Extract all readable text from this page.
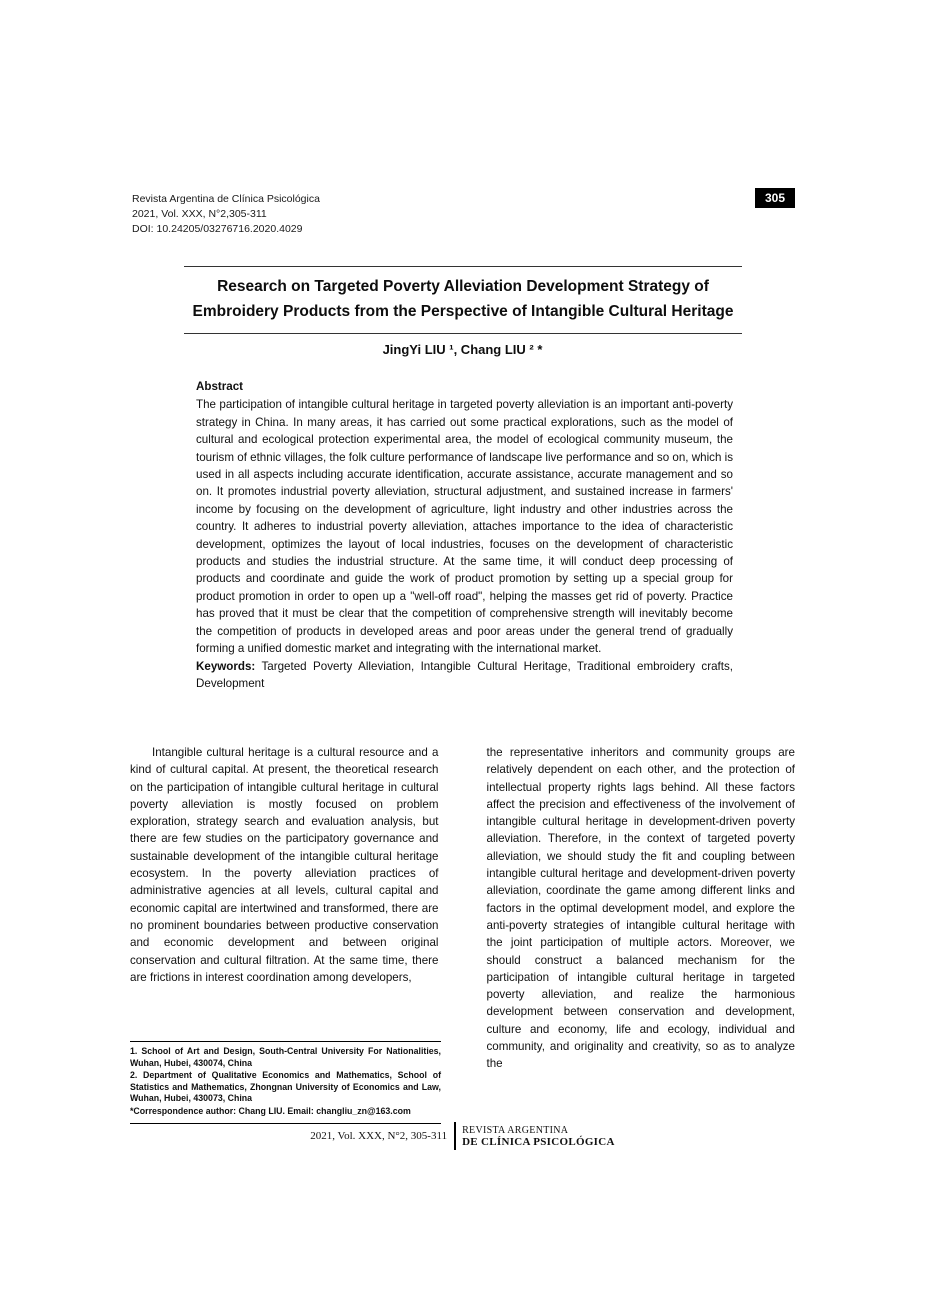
Revista Argentina de Clínica Psicológica
2021, Vol. XXX, N°2,305-311
DOI: 10.24205/03276716.2020.4029
305
Research on Targeted Poverty Alleviation Development Strategy of Embroidery Products from the Perspective of Intangible Cultural Heritage
JingYi LIU ¹, Chang LIU ² *
Abstract
The participation of intangible cultural heritage in targeted poverty alleviation is an important anti-poverty strategy in China. In many areas, it has carried out some practical explorations, such as the model of cultural and ecological protection experimental area, the model of ecological community museum, the tourism of ethnic villages, the folk culture performance of landscape live performance and so on, which is used in all aspects including accurate identification, accurate assistance, accurate management and so on. It promotes industrial poverty alleviation, structural adjustment, and sustained increase in farmers' income by focusing on the development of agriculture, light industry and other industries across the country. It adheres to industrial poverty alleviation, attaches importance to the idea of characteristic development, optimizes the layout of local industries, focuses on the development of characteristic products and studies the industrial structure. At the same time, it will conduct deep processing of products and coordinate and guide the work of product promotion by setting up a special group for product promotion in order to open up a "well-off road", helping the masses get rid of poverty. Practice has proved that it must be clear that the competition of comprehensive strength will inevitably become the competition of products in developed areas and poor areas under the general trend of gradually forming a unified domestic market and integrating with the international market.
Keywords: Targeted Poverty Alleviation, Intangible Cultural Heritage, Traditional embroidery crafts, Development

Intangible cultural heritage is a cultural resource and a kind of cultural capital. At present, the theoretical research on the participation of intangible cultural heritage in cultural poverty alleviation is mostly focused on problem exploration, strategy search and evaluation analysis, but there are few studies on the participatory governance and sustainable development of the intangible cultural heritage ecosystem. In the poverty alleviation practices of administrative agencies at all levels, cultural capital and economic capital are intertwined and transformed, there are no prominent boundaries between productive conservation and economic development and between original conservation and cultural filtration. At the same time, there are frictions in interest coordination among developers,

the representative inheritors and community groups are relatively dependent on each other, and the protection of intellectual property rights lags behind. All these factors affect the precision and effectiveness of the involvement of intangible cultural heritage in development-driven poverty alleviation. Therefore, in the context of targeted poverty alleviation, we should study the fit and coupling between intangible cultural heritage and development-driven poverty alleviation, coordinate the game among different links and factors in the optimal development model, and explore the anti-poverty strategies of intangible cultural heritage with the joint participation of multiple actors. Moreover, we should construct a balanced mechanism for the participation of intangible cultural heritage in targeted poverty alleviation, and realize the harmonious development between conservation and development, culture and economy, life and ecology, individual and community, and originality and creativity, so as to analyze the

1. School of Art and Design, South-Central University For Nationalities, Wuhan, Hubei, 430074, China
2. Department of Qualitative Economics and Mathematics, School of Statistics and Mathematics, Zhongnan University of Economics and Law, Wuhan, Hubei, 430073, China
*Correspondence author: Chang LIU. Email: changliu_zn@163.com
2021, Vol. XXX, N°2, 305-311 REVISTA ARGENTINA
DE CLÍNICA PSICOLÓGICA
